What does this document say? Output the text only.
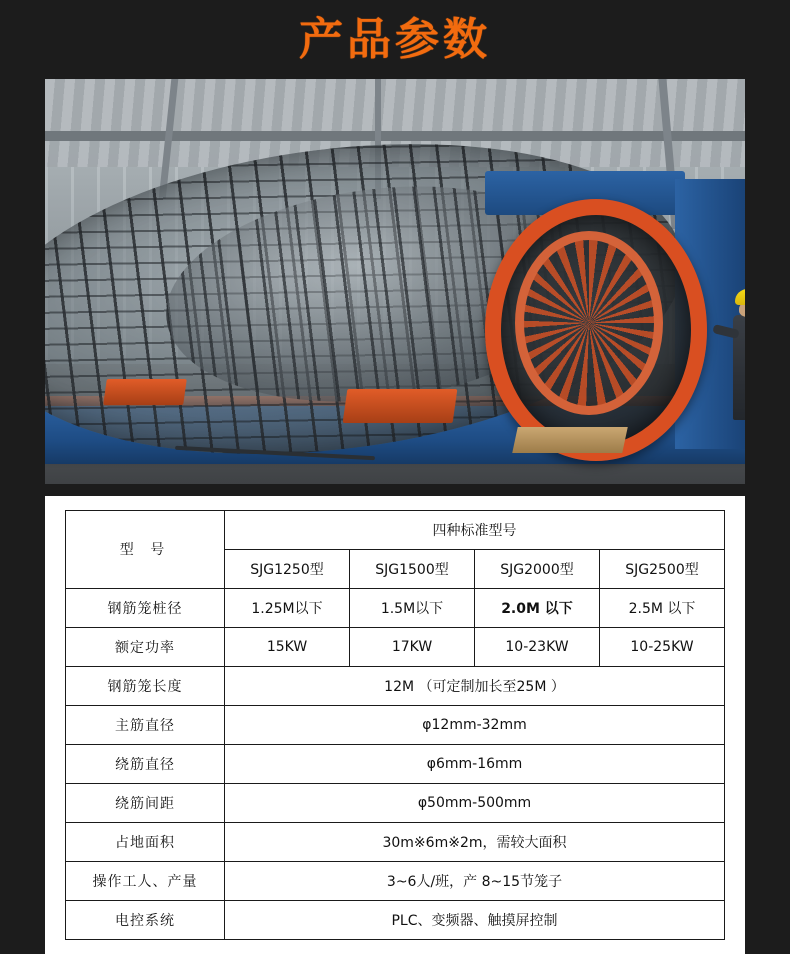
产品参数
型 号	四种标准型号			
	SJG1250型	SJG1500型	SJG2000型	SJG2500型
钢筋笼桩径	1.25M以下	1.5M以下	2.0M 以下	2.5M 以下
额定功率	15KW	17KW	10-23KW	10-25KW
钢筋笼长度	12M （可定制加长至25M ）			
主筋直径	φ12mm-32mm			
绕筋直径	φ6mm-16mm			
绕筋间距	φ50mm-500mm			
占地面积	30m※6m※2m，需较大面积			
操作工人、产量	3~6人/班，产 8~15节笼子			
电控系统	PLC、变频器、触摸屏控制			
